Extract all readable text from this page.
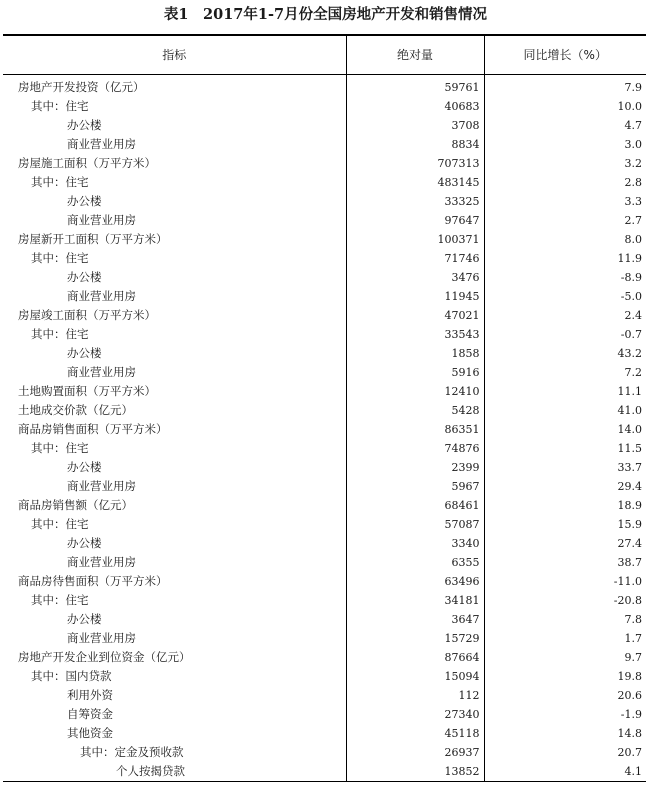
表1　2017年1-7月份全国房地产开发和销售情况
指标	绝对量	同比增长（%）
房地产开发投资（亿元）	59761	7.9
其中：住宅	40683	10.0
办公楼	3708	4.7
商业营业用房	8834	3.0
房屋施工面积（万平方米）	707313	3.2
其中：住宅	483145	2.8
办公楼	33325	3.3
商业营业用房	97647	2.7
房屋新开工面积（万平方米）	100371	8.0
其中：住宅	71746	11.9
办公楼	3476	-8.9
商业营业用房	11945	-5.0
房屋竣工面积（万平方米）	47021	2.4
其中：住宅	33543	-0.7
办公楼	1858	43.2
商业营业用房	5916	7.2
土地购置面积（万平方米）	12410	11.1
土地成交价款（亿元）	5428	41.0
商品房销售面积（万平方米）	86351	14.0
其中：住宅	74876	11.5
办公楼	2399	33.7
商业营业用房	5967	29.4
商品房销售额（亿元）	68461	18.9
其中：住宅	57087	15.9
办公楼	3340	27.4
商业营业用房	6355	38.7
商品房待售面积（万平方米）	63496	-11.0
其中：住宅	34181	-20.8
办公楼	3647	7.8
商业营业用房	15729	1.7
房地产开发企业到位资金（亿元）	87664	9.7
其中：国内贷款	15094	19.8
利用外资	112	20.6
自筹资金	27340	-1.9
其他资金	45118	14.8
其中：定金及预收款	26937	20.7
个人按揭贷款	13852	4.1
